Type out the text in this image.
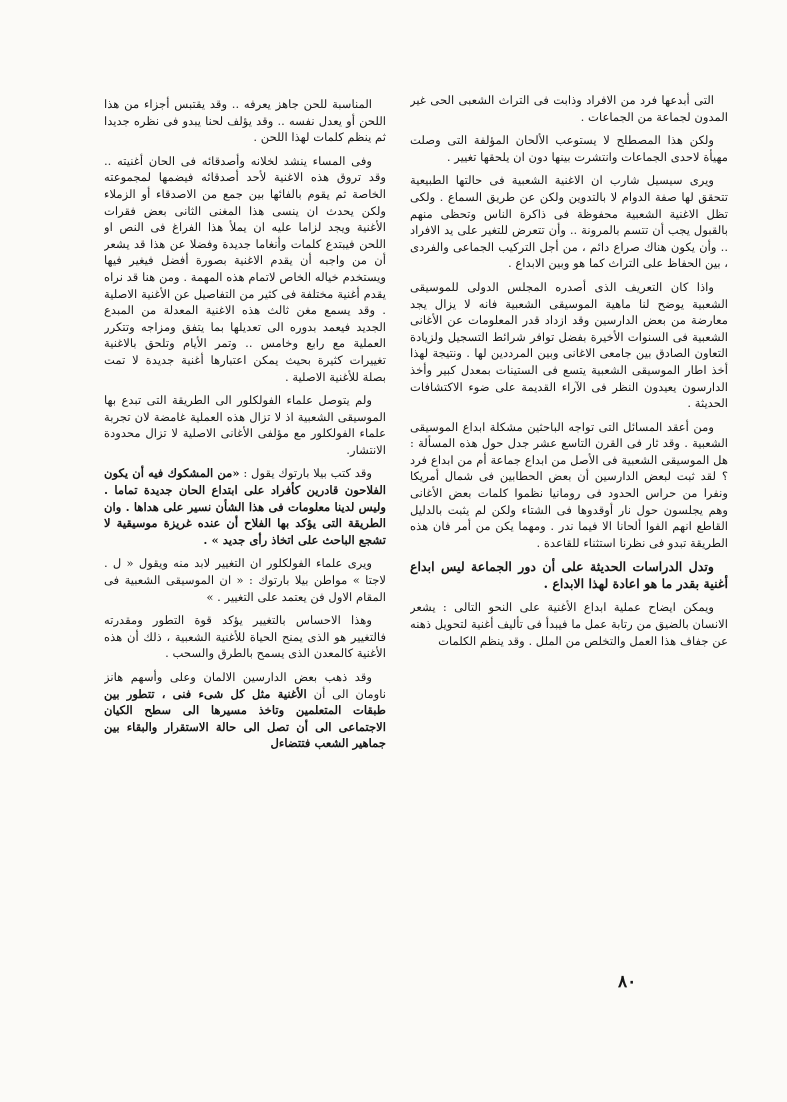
التى أبدعها فرد من الافراد وذابت فى التراث الشعبى الحى غير المدون لجماعة من الجماعات .

ولكن هذا المصطلح لا يستوعب الألحان المؤلفة التى وصلت مهيأة لاحدى الجماعات وانتشرت بينها دون ان يلحقها تغيير .

ويرى سيسيل شارب ان الاغنية الشعبية فى حالتها الطبيعية تتحقق لها صفة الدوام لا بالتدوين ولكن عن طريق السماع . ولكى تظل الاغنية الشعبية محفوظة فى ذاكرة الناس وتحظى منهم بالقبول يجب أن تتسم بالمرونة .. وأن تتعرض للتغير على يد الافراد .. وأن يكون هناك صراع دائم ، من أجل التركيب الجماعى والفردى ، بين الحفاظ على التراث كما هو وبين الابداع .

واذا كان التعريف الذى أصدره المجلس الدولى للموسيقى الشعبية يوضح لنا ماهية الموسيقى الشعبية فانه لا يزال يجد معارضة من بعض الدارسين وقد ازداد قدر المعلومات عن الأغانى الشعبية فى السنوات الأخيرة بفضل توافر شرائط التسجيل ولزيادة التعاون الصادق بين جامعى الاغانى وبين المرددين لها . ونتيجة لهذا أخذ اطار الموسيقى الشعبية يتسع فى الستينات بمعدل كبير وأخذ الدارسون يعيدون النظر فى الآراء القديمة على ضوء الاكتشافات الحديثة .

ومن أعقد المسائل التى تواجه الباحثين مشكلة ابداع الموسيقى الشعبية . وقد ثار فى القرن التاسع عشر جدل حول هذه المسألة : هل الموسيقى الشعبية فى الأصل من ابداع جماعة أم من ابداع فرد ؟ لقد ثبت لبعض الدارسين أن بعض الحطابين فى شمال أمريكا ونفرا من حراس الحدود فى رومانيا نظموا كلمات بعض الأغانى وهم يجلسون حول نار أوقدوها فى الشتاء ولكن لم يثبت بالدليل القاطع انهم الفوا ألحانا الا فيما ندر . ومهما يكن من أمر فان هذه الطريقة تبدو فى نظرنا استثناء للقاعدة .

وتدل الدراسات الحديثة على أن دور الجماعة ليس ابداع أغنية بقدر ما هو اعادة لهذا الابداع .

ويمكن ايضاح عملية ابداع الأغنية على النحو التالى : يشعر الانسان بالضيق من رتابة عمل ما فيبدأ فى تأليف أغنية لتحويل ذهنه عن جفاف هذا العمل والتخلص من الملل . وقد ينظم الكلمات

المناسبة للحن جاهز يعرفه .. وقد يقتبس أجزاء من هذا اللحن أو يعدل نفسه .. وقد يؤلف لحنا يبدو فى نظره جديدا ثم ينظم كلمات لهذا اللحن .

وفى المساء ينشد لخلانه وأصدقائه فى الحان أغنيته .. وقد تروق هذه الاغنية لأحد أصدقائه فيضمها لمجموعته الخاصة ثم يقوم بالفائها بين جمع من الاصدقاء أو الزملاء ولكن يحدث ان ينسى هذا المغنى الثانى بعض فقرات الأغنية ويجد لزاما عليه ان يملأ هذا الفراغ فى النص او اللحن فيبتدع كلمات وأنغاما جديدة وفضلا عن هذا قد يشعر أن من واجبه أن يقدم الاغنية بصورة أفضل فيغير فيها ويستخدم خياله الخاص لاتمام هذه المهمة . ومن هنا قد نراه يقدم أغنية مختلفة فى كثير من التفاصيل عن الأغنية الاصلية . وقد يسمع مغن ثالث هذه الاغنية المعدلة من المبدع الجديد فيعمد بدوره الى تعديلها بما يتفق ومزاجه وتتكرر العملية مع رابع وخامس .. وتمر الأيام وتلحق بالاغنية تغييرات كثيرة بحيث يمكن اعتبارها أغنية جديدة لا تمت بصلة للأغنية الاصلية .

ولم يتوصل علماء الفولكلور الى الطريقة التى تبدع بها الموسيقى الشعبية اذ لا تزال هذه العملية غامضة لان تجربة علماء الفولكلور مع مؤلفى الأغانى الاصلية لا تزال محدودة الانتشار.

وقد كتب بيلا بارتوك يقول : «من المشكوك فيه أن يكون الفلاحون قادرين كأفراد على ابتداع الحان جديدة تماما . وليس لدينا معلومات فى هذا الشأن نسير على هداها . وان الطريقة التى يؤكد بها الفلاح أن عنده غريزة موسيقية لا تشجع الباحث على اتخاذ رأى جديد » .

ويرى علماء الفولكلور ان التغيير لابد منه ويقول « ل . لاجتا » مواطن بيلا بارتوك : « ان الموسيقى الشعبية فى المقام الاول فن يعتمد على التغيير . »

وهذا الاحساس بالتغيير يؤكد قوة التطور ومقدرته فالتغيير هو الذى يمنح الحياة للأغنية الشعبية ، ذلك أن هذه الأغنية كالمعدن الذى يسمح بالطرق والسحب .

وقد ذهب بعض الدارسين الالمان وعلى وأسهم هانز ناومان الى أن الأغنية مثل كل شىء فنى ، تتطور بين طبقات المتعلمين وتاخذ مسيرها الى سطح الكيان الاجتماعى الى أن تصل الى حالة الاستقرار والبقاء بين جماهير الشعب فتتضاءل

٨٠
